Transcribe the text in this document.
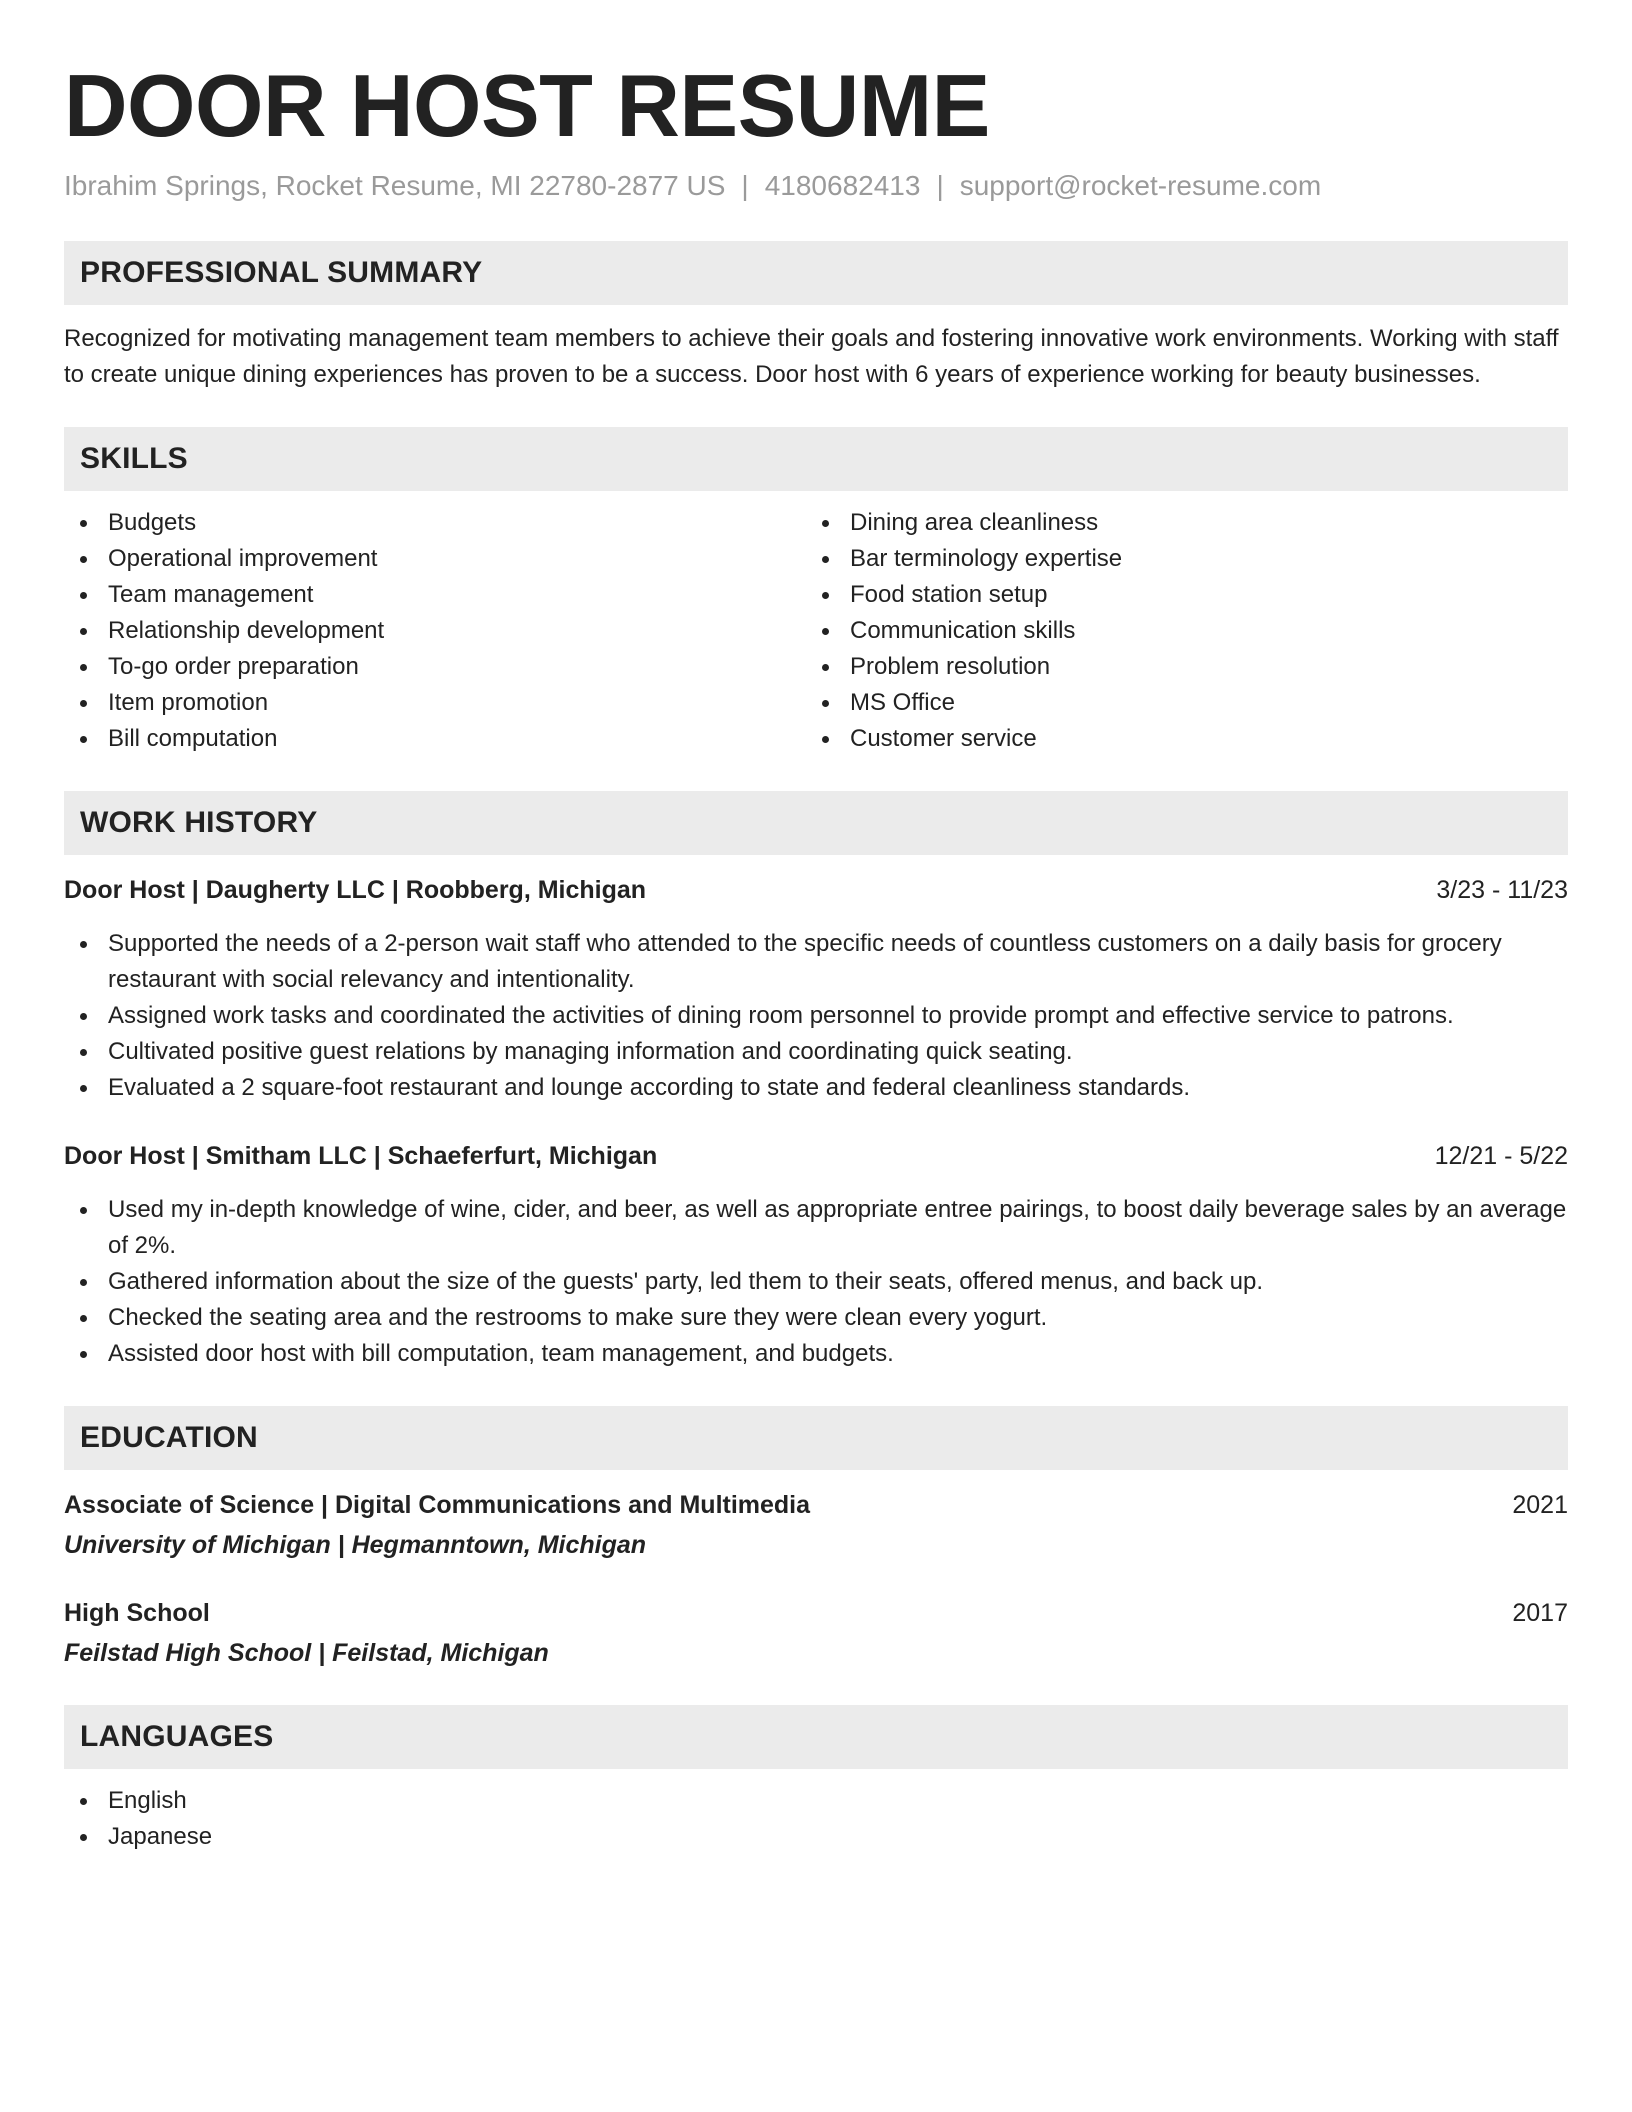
DOOR HOST RESUME
Ibrahim Springs, Rocket Resume, MI 22780-2877 US | 4180682413 | support@rocket-resume.com
PROFESSIONAL SUMMARY
Recognized for motivating management team members to achieve their goals and fostering innovative work environments. Working with staff to create unique dining experiences has proven to be a success. Door host with 6 years of experience working for beauty businesses.
SKILLS
Budgets
Operational improvement
Team management
Relationship development
To-go order preparation
Item promotion
Bill computation
Dining area cleanliness
Bar terminology expertise
Food station setup
Communication skills
Problem resolution
MS Office
Customer service
WORK HISTORY
Door Host | Daugherty LLC | Roobberg, Michigan	3/23 - 11/23
Supported the needs of a 2-person wait staff who attended to the specific needs of countless customers on a daily basis for grocery restaurant with social relevancy and intentionality.
Assigned work tasks and coordinated the activities of dining room personnel to provide prompt and effective service to patrons.
Cultivated positive guest relations by managing information and coordinating quick seating.
Evaluated a 2 square-foot restaurant and lounge according to state and federal cleanliness standards.
Door Host | Smitham LLC | Schaeferfurt, Michigan	12/21 - 5/22
Used my in-depth knowledge of wine, cider, and beer, as well as appropriate entree pairings, to boost daily beverage sales by an average of 2%.
Gathered information about the size of the guests' party, led them to their seats, offered menus, and back up.
Checked the seating area and the restrooms to make sure they were clean every yogurt.
Assisted door host with bill computation, team management, and budgets.
EDUCATION
Associate of Science | Digital Communications and Multimedia	2021
University of Michigan | Hegmanntown, Michigan
High School	2017
Feilstad High School | Feilstad, Michigan
LANGUAGES
English
Japanese
